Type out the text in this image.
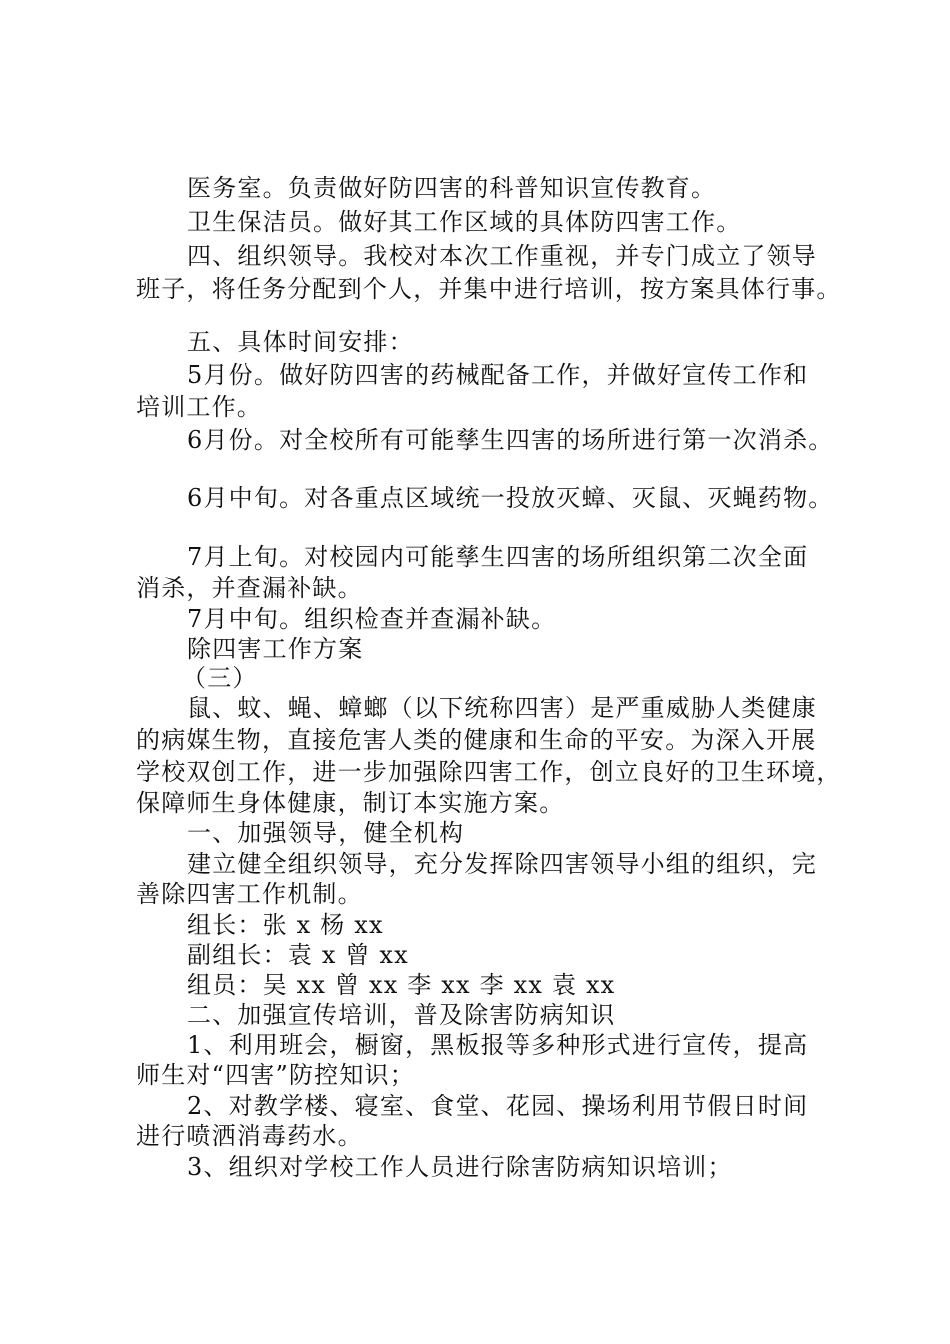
医务室。负责做好防四害的科普知识宣传教育。
卫生保洁员。做好其工作区域的具体防四害工作。
四、组织领导。我校对本次工作重视，并专门成立了领导
班子，将任务分配到个人，并集中进行培训，按方案具体行事。
五、具体时间安排：
5月份。做好防四害的药械配备工作，并做好宣传工作和
培训工作。
6月份。对全校所有可能孳生四害的场所进行第一次消杀。
6月中旬。对各重点区域统一投放灭蟑、灭鼠、灭蝇药物。
7月上旬。对校园内可能孳生四害的场所组织第二次全面
消杀，并查漏补缺。
7月中旬。组织检查并查漏补缺。
除四害工作方案
（三）
鼠、蚊、蝇、蟑螂（以下统称四害）是严重威胁人类健康
的病媒生物，直接危害人类的健康和生命的平安。为深入开展
学校双创工作，进一步加强除四害工作，创立良好的卫生环境，
保障师生身体健康，制订本实施方案。
一、加强领导，健全机构
建立健全组织领导，充分发挥除四害领导小组的组织，完
善除四害工作机制。
组长：张 x 杨 xx
副组长：袁 x 曾 xx
组员：吴 xx 曾 xx 李 xx 李 xx 袁 xx
二、加强宣传培训，普及除害防病知识
1、利用班会，橱窗，黑板报等多种形式进行宣传，提高
师生对“四害”防控知识；
2、对教学楼、寝室、食堂、花园、操场利用节假日时间
进行喷洒消毒药水。
3、组织对学校工作人员进行除害防病知识培训；
